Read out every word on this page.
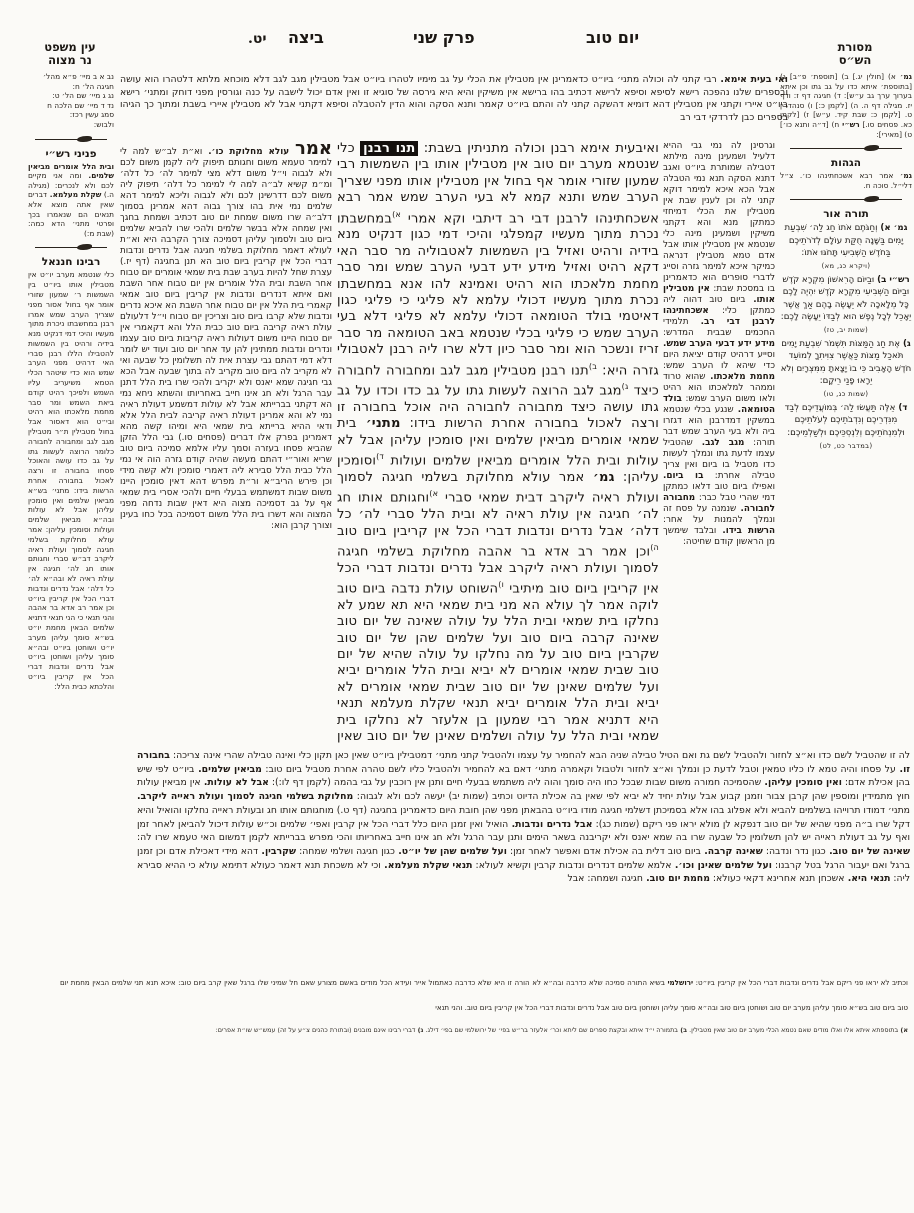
יט. ביצה	פרק שני	יום טוב	מסורת
הש״ס
עין משפט
נר מצוה
ואי בעית אימא. רבי קתני לה וכולה מתני׳ ביו״ט כדאמרינן אין מטבילין את הכלי על גב מימיו לטהרו ביו״ט אבל מטבילין מגב לגב דלא מוכחא מלתא דלטהרו הוא עושה ובספרים שלנו נהפכה רישא לסיפא וסיפא לרישא דכתיב בהו ברישא אין משיקין והיא היא גירסה של סוגיא זו ואין אדם יכול לישבה על כנה וגורסין מפני דוחק ומתני׳ רישא ביו״ט איירי וקתני אין מטבילין דהא דומיא דהשקה קתני לה והתם ביו״ט קאמר ותנא הסקה והוא הדין להטבלה וסיפא דקתני אבל לא מטבילין איירי בשבת ומתוך כך הגיהו בספרים כבן לדרדקי דבי רב
נב א ב מיי׳ פ״א מהל׳ חגיגה הל׳ ח:
נג ג מיי׳ שם הל׳ ט:
נד ד מיי׳ שם הלכה ח
סמג עשין רכז:
ולבוש:
פניני רש״י
ובית הלל אומרים מביאין שלמים. ומה אני מקיים לכם ולא לנכרים: (מגילה ה.) שקלת מעלמא. דברים שאין אתה מוצא אלא תנאים הם שנאמרו בכך ופרטי מתני׳ הדא כמה: (שבת מ:)
רבינו חננאל
כלי שנטמא מערב יו״ט אין מטבילין אותו ביו״ט בין השמשות ר׳ שמעון שזורי אומר אף בחול אסור מפני שצריך הערב שמש אמרו רבנן במחשבתו ניכרת מתוך מעשיו והיכי דמי דנקיט מנא בידיה ורהיט בין השמשות להטבילו הללו רבנן סברי האי דרהיט מפני הערב שמש הוא כדי שיטהר הכלי הטמא משיעריב עליו השמש ולפיכך רהיט קודם ביאת השמש ומר סבר מחמת מלאכתו הוא רהיט ובי״ט הוא דאסור אבל בחול מטבילין ת״ר מטבילין מגב לגב ומחבורה לחבורה כלומר הרוצה לעשות גתו על גב כדו עושה והאוכל פסחו בחבורה זו ורצה לאכול בחבורה אחרת הרשות בידו: מתני׳ בש״א מביאין שלמים ואין סומכין עליהן אבל לא עולות ובה״א מביאין שלמים ועולות וסומכין עליהן: אמר עולא מחלוקת בשלמי חגיגה לסמוך ועולת ראיה ליקרב דב״ש סברי וחגותם אותו חג לה׳ חגיגה אין עולת ראיה לא ובה״א לה׳ כל דלה׳ אבל נדרים ונדבות דברי הכל אין קריבין ביו״ט וכן אמר רב אדא בר אהבה והני תנאי כי הני תנאי דתניא שלמים הבאין מחמת יו״ט בש״א סומך עליהן מערב יו״ט ושוחטן ביו״ט ובה״א סומך עליהן ושוחטן ביו״ט אבל נדרים ונדבות דברי הכל אין קריבין ביו״ט והלכתא כבית הלל:
אמר עולא מחלוקת כו׳. וא״ת לב״ש למה לי למימר טעמא משום וחגותם תיפוק ליה לקמן משום לכם ולא לגבוה וי״ל משום דלא מצי למימר לה׳ כל דלה׳ ומ״מ קשיא לב״ה למה לי למימר כל דלה׳ תיפוק ליה משום לכם דדרשינן לכם ולא לגבוה וליכא למימר דהא שלמים נמי אית בהו צורך גבוה דהא אמרינן בסמוך דלב״ה שרו משום שמחת יום טוב דכתיב ושמחת בחגך ואין שמחה אלא בבשר שלמים ולהכי שרו להביא שלמים ביום טוב ולסמוך עליהן דסמיכה צורך הקרבה היא וא״ת לעולא דאמר מחלוקת בשלמי חגיגה אבל נדרים ונדבות דברי הכל אין קריבין ביום טוב הא תנן בחגיגה (דף יז.) עצרת שחל להיות בערב שבת בית שמאי אומרים יום טבוח אחר השבת ובית הלל אומרים אין יום טבוח אחר השבת ואם איתא דנדרים ונדבות אין קריבין ביום טוב אמאי קאמרי בית הלל אין יום טבוח אחר השבת הא איכא נדרים ונדבות שלא קרבו ביום טוב וצריכין יום טבוח וי״ל דלעולם עולת ראיה קריבה ביום טוב כבית הלל והא דקאמרי אין יום טבוח היינו משום דעולות ראיה קריבות ביום טוב עצמו ונדרים ונדבות ממתינין להן עד אחר יום טוב ועוד יש לומר דלא דמי דהתם גבי עצרת אית לה תשלומין כל שבעה ואי לא מקריב לה ביום טוב מקריב לה בתוך שבעה אבל הכא גבי חגיגה שמא יאנס ולא יקריב ולהכי שרו בית הלל דתנן עבר הרגל ולא חג אינו חייב באחריותו והשתא ניחא נמי הא דקתני בברייתא אבל לא עולות דמשמע דעולת ראיה נמי לא והא אמרינן דעולת ראיה קריבה לבית הלל אלא ודאי ההיא ברייתא בית שמאי היא ומיהו קשה מהא דאמרינן בפרק אלו דברים (פסחים סו.) גבי הלל הזקן שהביא פסחו בעזרה וסמך עליו אלמא סמיכה ביום טוב שריא ואור״י דהתם מעשה שהיה קודם גזרה הוה אי נמי הלל כבית הלל סבירא ליה דאמרי סומכין ולא קשה מידי וכן פירש הריב״א ור״ת מפרש דהא דאין סומכין היינו משום שבות דמשתמש בבעלי חיים ולהכי אסרי בית שמאי אף על גב דסמיכה מצוה היא דאין שבות נדחה מפני המצוה והא דשרו בית הלל משום דסמיכה בכל כחו בעינן וצורך קרבן הוא:
ואיבעית אימא רבנן וכולה מתניתין בשבת: תנו רבנן כלי שנטמא מערב יום טוב אין מטבילין אותו בין השמשות רבי שמעון שזורי אומר אף בחול אין מטבילין אותו מפני שצריך הערב שמש ותנא קמא לא בעי הערב שמש אמר רבא אשכחתינהו לרבנן דבי רב דיתבי וקא אמרי $^{א)}$במחשבתו נכרת מתוך מעשיו קמפלגי והיכי דמי כגון דנקיט מנא בידיה ורהיט ואזיל בין השמשות לאטבוליה מר סבר האי דקא רהיט ואזיל מידע ידע דבעי הערב שמש ומר סבר מחמת מלאכתו הוא רהיט ואמינא להו אנא במחשבתו נכרת מתוך מעשיו דכולי עלמא לא פליגי כי פליגי כגון דאיטמי בולד הטומאה דכולי עלמא לא פליגי דלא בעי הערב שמש כי פליגי בכלי שנטמא באב הטומאה מר סבר זריז ונשכר הוא ומר סבר כיון דלא שרו ליה רבנן לאטבולי גזרה היא: $^{ב)}$תנו רבנן מטבילין מגב לגב ומחבורה לחבורה כיצד $^{ג)}$מגב לגב הרוצה לעשות גתו על גב כדו וכדו על גב גתו עושה כיצד מחבורה לחבורה היה אוכל בחבורה זו ורצה לאכול בחבורה אחרת הרשות בידו: מתני׳ בית שמאי אומרים מביאין שלמים ואין סומכין עליהן אבל לא עולות ובית הלל אומרים מביאין שלמים ועולות $^{ד)}$וסומכין עליהן: גמ׳ אמר עולא מחלוקת בשלמי חגיגה לסמוך ועולת ראיה ליקרב דבית שמאי סברי $^{א)}$וחגותם אותו חג לה׳ חגיגה אין עולת ראיה לא ובית הלל סברי לה׳ כל דלה׳ אבל נדרים ונדבות דברי הכל אין קריבין ביום טוב $^{ה)}$וכן אמר רב אדא בר אהבה מחלוקת בשלמי חגיגה לסמוך ועולת ראיה ליקרב אבל נדרים ונדבות דברי הכל אין קריבין ביום טוב מיתיבי $^{ו)}$השוחט עולת נדבה ביום טוב לוקה אמר לך עולא הא מני בית שמאי היא תא שמע לא נחלקו בית שמאי ובית הלל על עולה שאינה של יום טוב שאינה קרבה ביום טוב ועל שלמים שהן של יום טוב שקרבין ביום טוב על מה נחלקו על עולה שהיא של יום טוב שבית שמאי אומרים לא יביא ובית הלל אומרים יביא ועל שלמים שאינן של יום טוב שבית שמאי אומרים לא יביא ובית הלל אומרים יביא תנאי שקלת מעלמא תנאי היא דתניא אמר רבי שמעון בן אלעזר לא נחלקו בית שמאי ובית הלל על עולה ושלמים שאינן של יום טוב שאין
וגרסינן לה נמי גבי ההיא דלעיל ושמעינן מינה מילתא דטבילה שמותרת ביו״ט ואגב דתנא הסקה תנא נמי הטבלה אבל הכא איכא למימר דוקא קתני לה וכן לענין שבת אין מטבילין את הכלי דמיחזי כמתקן מנא והא דקתני משיקין ושמעינן מינה כלי שנטמא אין מטבילין אותו אבל אדם טמא מטבילין דנראה כמיקר איכא למימר גזרה וסייג לדברי סופרים הוא כדאמרינן בו במסכת שבת: אין מטבילין אותו. ביום טוב דהוה ליה כמתקן כלי: אשכחתינהו לרבנן דבי רב. תלמידי החכמים שבבית המדרש: מידע ידע דבעי הערב שמש. וסייע דרהיט קודם יציאת היום כדי שיהא לו הערב שמש: מחמת מלאכתו. שהוא טרוד וממהר למלאכתו הוא רהיט ולאו משום הערב שמש: בולד הטומאה. שנגע בכלי שנטמא במשקין דמדרבנן הוא דגזרו ביה ולא בעי הערב שמש דבר תורה: מגב לגב. שהטביל עצמו לדעת גתו ונמלך לעשות כדו מטביל בו ביום ואין צריך טבילה אחרת: בו ביום. ואפילו ביום טוב דלאו כמתקן דמי שהרי טבל כבר: מחבורה לחבורה. שנמנה על פסח זה ונמלך להמנות על אחר: הרשות בידו. ובלבד שימשך מן הראשון קודם שחיטה:
גמ׳ א) [חולין יג.] ב) [תוספת׳ פ״ב] ג) [בתוספת׳ איתא כדו על גב גתו וכן איתא בערוך ערך גב ע״ש]: ד) חגיגה דף ז: ודף יז. מגילה דף ה. ה) [לקמן כ:] ו) סנהדרין ט. [לקמן כ: שבת קיד. ע״ש] ז) [לקמן כא. פסחים סו.] רש״י ח) [ד״ה ותנא כו׳] ט) [מאירי]:
הגהות
גמ׳ אמר רבא אשכחתינהו כו׳. צ״ל דלי״ל. סוכה ח.
תורה אור
גמ׳ א) וְחַגֹּתֶם אֹתוֹ חַג לַה׳ שִׁבְעַת יָמִים בַּשָּׁנָה חֻקַּת עוֹלָם לְדֹרֹתֵיכֶם בַּחֹדֶשׁ הַשְּׁבִיעִי תָּחֹגּוּ אֹתוֹ:
(ויקרא כג, מא)
רש״י ב) וּבַיּוֹם הָרִאשׁוֹן מִקְרָא קֹדֶשׁ וּבַיּוֹם הַשְּׁבִיעִי מִקְרָא קֹדֶשׁ יִהְיֶה לָכֶם כָּל מְלָאכָה לֹא יֵעָשֶׂה בָהֶם אַךְ אֲשֶׁר יֵאָכֵל לְכָל נֶפֶשׁ הוּא לְבַדּוֹ יֵעָשֶׂה לָכֶם:
(שמות יב, טז)
ג) אֶת חַג הַמַּצּוֹת תִּשְׁמֹר שִׁבְעַת יָמִים תֹּאכַל מַצּוֹת כַּאֲשֶׁר צִוִּיתִךָ לְמוֹעֵד חֹדֶשׁ הָאָבִיב כִּי בוֹ יָצָאתָ מִמִּצְרָיִם וְלֹא יֵרָאוּ פָנַי רֵיקָם:
(שמות כג, טו)
ד) אֵלֶּה תַּעֲשׂוּ לַה׳ בְּמוֹעֲדֵיכֶם לְבַד מִנִּדְרֵיכֶם וְנִדְבֹתֵיכֶם לְעֹלֹתֵיכֶם וּלְמִנְחֹתֵיכֶם וְלִנְסְכֵּיכֶם וּלְשַׁלְמֵיכֶם:
(במדבר כט, לט)
לה זו שהטביל לשם כדו וא״צ לחזור ולהטביל לשם גת ואם הטיל טבילה שניה הבא להחמיר על עצמו ולהטביל קתני מתני׳ דמטבילין ביו״ט שאין כאן תקון כלי ואינה טבילה שהרי אינה צריכה: בחבורה זו. על פסחו והיה טמא לו כליו טמאין וטבל לדעת כן ונמלך וא״צ לחזור ולטבול וקאמרה מתני׳ דאם בא להחמיר ולהטביל כליו לשם טהרה אחרת מטביל ביום טוב: מביאין שלמים. ביו״ט לפי שיש בהן אכילת אדם: ואין סומכין עליהן. שהסמיכה חמורה משום שבות שבכל כחו היה סומך והוה ליה משתמש בבעלי חיים ותנן אין רוכבין על גבי בהמה (לקמן דף לו:): אבל לא עולות. אין מביאין עולות חוץ מתמידין ומוספין שהן קרבן צבור וזמנן קבוע אבל עולת יחיד לא יביא לפי שאין בה אכילת הדיוט וכתיב (שמות יב) יעשה לכם ולא לגבוה: מחלוקת בשלמי חגיגה לסמוך ועולת ראייה ליקרב. מתני׳ דמודו תרוייהו בשלמים להביא ולא אפלוג בהו אלא בסמיכתן דשלמי חגיגה מודו ביו״ט בהבאתן מפני שהן חובת היום כדאמרינן בחגיגה (דף ט.) מוחגותם אותו חג ובעולת ראייה נחלקו והואיל והיא דקל שרו ב״ה מפני שהיא של יום טוב דנפקא לן מולא יראו פני ריקם (שמות כג): אבל נדרים ונדבות. הואיל ואין זמנן היום כלל דברי הכל אין קרבין ואפי׳ שלמים וכ״ש עולות דיכול להביאן לאחר זמן ואף על גב דעולת ראייה יש להן תשלומין כל שבעה שרו בה שמא יאנס ולא יקריבנה בשאר הימים ותנן עבר הרגל ולא חג אינו חייב באחריותו והכי מפרש בברייתא לקמן דמשום האי טעמא שרו לה: שאינה של יום טוב. כגון נדר ונדבה: שאינה קרבה. ביום טוב דלית בה אכילת אדם ואפשר לאחר זמן: ועל שלמים שהן של יו״ט. כגון חגיגה ושלמי שמחה: שקרבין. דהא מידי דאכילת אדם וכן זמנן ברגל ואם יעבור הרגל בטל קרבנו: ועל שלמים שאינן וכו׳. אלמא שלמים דנדרים ונדבות קרבין וקשיא לעולא: תנאי שקלת מעלמא. וכי לא משכחת תנא דאמר כעולא דתימא עולא כי ההיא סבירא ליה: תנאי היא. אשכחן תנא אחרינא דקאי כעולא: מחמת יום טוב. חגיגה ושמחה: אבל
וכתיב לא יראו פני ריקם אבל נדרים ונדבות דברי הכל אין קריבין ביו״ט: ירושלמי בשיא התורה סמיכה שלא כדרבה ובה״א לא הורה זו היא שלא כדרבה כאתמול אייר ועידא הכל מודים באשם מצורע שאם חל שמיני שלו ברגל שאין קרב ביום טוב: איכא תנא תני שלמים הבאין מחמת יום טוב ביום טוב בש״א סומך עליהן מערב יום טוב ושוחטן ביום טוב ובה״א סומך עליהן ושוחטן ביום טוב אבל נדרים ונדבות דברי הכל אין קריבין ביום טוב. והני תנאי
א) בתוספתא איתא אלו ואלו מודים שאם נטמא הכלי מערב יום טוב שאין מטבילין. ב) בתמורה י״ד איתא ובקצת ספרים שם ליתא וכר׳ אלעזר בר״ש בפי׳ של ירושלמי שם בפי׳ דילג. ג) דברי רבינו אינם מובנים (ובתורת כהנים צ״ע על זה) עמש״ש שו״ת אפרים:
